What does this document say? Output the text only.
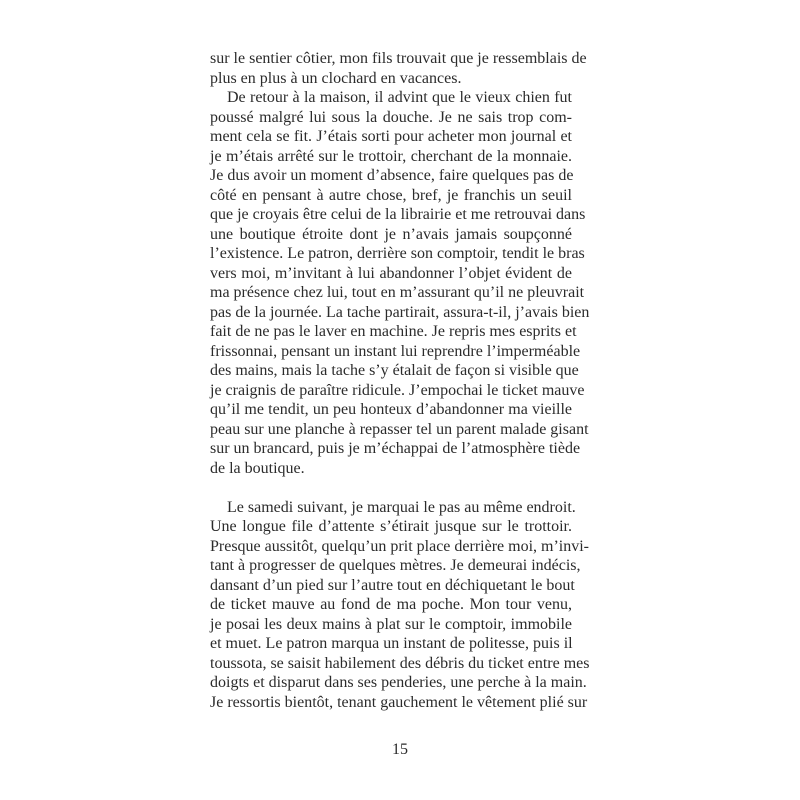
sur le sentier côtier, mon fils trouvait que je ressemblais de
plus en plus à un clochard en vacances.
De retour à la maison, il advint que le vieux chien fut
poussé malgré lui sous la douche. Je ne sais trop com-
ment cela se fit. J’étais sorti pour acheter mon journal et
je m’étais arrêté sur le trottoir, cherchant de la monnaie.
Je dus avoir un moment d’absence, faire quelques pas de
côté en pensant à autre chose, bref, je franchis un seuil
que je croyais être celui de la librairie et me retrouvai dans
une boutique étroite dont je n’avais jamais soupçonné
l’existence. Le patron, derrière son comptoir, tendit le bras
vers moi, m’invitant à lui abandonner l’objet évident de
ma présence chez lui, tout en m’assurant qu’il ne pleuvrait
pas de la journée. La tache partirait, assura-t-il, j’avais bien
fait de ne pas le laver en machine. Je repris mes esprits et
frissonnai, pensant un instant lui reprendre l’imperméable
des mains, mais la tache s’y étalait de façon si visible que
je craignis de paraître ridicule. J’empochai le ticket mauve
qu’il me tendit, un peu honteux d’abandonner ma vieille
peau sur une planche à repasser tel un parent malade gisant
sur un brancard, puis je m’échappai de l’atmosphère tiède
de la boutique.
Le samedi suivant, je marquai le pas au même endroit.
Une longue file d’attente s’étirait jusque sur le trottoir.
Presque aussitôt, quelqu’un prit place derrière moi, m’invi-
tant à progresser de quelques mètres. Je demeurai indécis,
dansant d’un pied sur l’autre tout en déchiquetant le bout
de ticket mauve au fond de ma poche. Mon tour venu,
je posai les deux mains à plat sur le comptoir, immobile
et muet. Le patron marqua un instant de politesse, puis il
toussota, se saisit habilement des débris du ticket entre mes
doigts et disparut dans ses penderies, une perche à la main.
Je ressortis bientôt, tenant gauchement le vêtement plié sur
15
